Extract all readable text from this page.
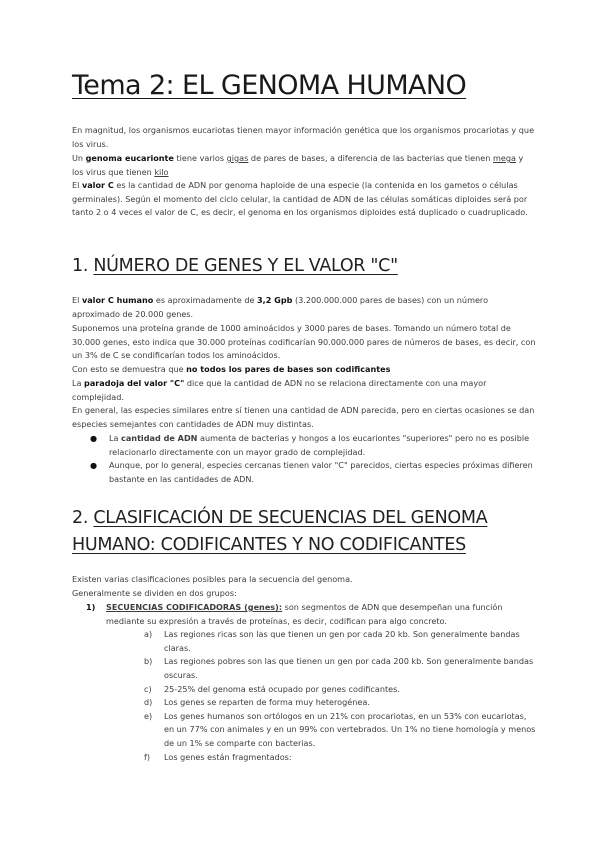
Tema 2: EL GENOMA HUMANO

En magnitud, los organismos eucariotas tienen mayor información genética que los organismos procariotas y que los virus.

Un genoma eucarionte tiene varios gigas de pares de bases, a diferencia de las bacterias que tienen mega y los virus que tienen kilo

El valor C es la cantidad de ADN por genoma haploide de una especie (la contenida en los gametos o células germinales). Según el momento del ciclo celular, la cantidad de ADN de las células somáticas diploides será por tanto 2 o 4 veces el valor de C, es decir, el genoma en los organismos diploides está duplicado o cuadruplicado.

1. NÚMERO DE GENES Y EL VALOR "C"

El valor C humano es aproximadamente de 3,2 Gpb (3.200.000.000 pares de bases) con un número aproximado de 20.000 genes.

Suponemos una proteína grande de 1000 aminoácidos y 3000 pares de bases. Tomando un número total de 30.000 genes, esto indica que 30.000 proteínas codificarían 90.000.000 pares de números de bases, es decir, con un 3% de C se condificarían todos los aminoácidos.

Con esto se demuestra que no todos los pares de bases son codificantes

La paradoja del valor "C" dice que la cantidad de ADN no se relaciona directamente con una mayor complejidad.

En general, las especies similares entre sí tienen una cantidad de ADN parecida, pero en ciertas ocasiones se dan especies semejantes con cantidades de ADN muy distintas.

● La cantidad de ADN aumenta de bacterias y hongos a los eucariontes "superiores" pero no es posible relacionarlo directamente con un mayor grado de complejidad.
● Aunque, por lo general, especies cercanas tienen valor "C" parecidos, ciertas especies próximas difieren bastante en las cantidades de ADN.
2. CLASIFICACIÓN DE SECUENCIAS DEL GENOMA
HUMANO: CODIFICANTES Y NO CODIFICANTES

Existen varias clasificaciones posibles para la secuencia del genoma.

Generalmente se dividen en dos grupos:

1) SECUENCIAS CODIFICADORAS (genes): son segmentos de ADN que desempeñan una función mediante su expresión a través de proteínas, es decir, codifican para algo concreto.
a) Las regiones ricas son las que tienen un gen por cada 20 kb. Son generalmente bandas claras.
b) Las regiones pobres son las que tienen un gen por cada 200 kb. Son generalmente bandas oscuras.
c) 25-25% del genoma está ocupado por genes codificantes.
d) Los genes se reparten de forma muy heterogénea.
e) Los genes humanos son ortólogos en un 21% con procariotas, en un 53% con eucariotas, en un 77% con animales y en un 99% con vertebrados. Un 1% no tiene homología y menos de un 1% se comparte con bacterias.
f) Los genes están fragmentados:
